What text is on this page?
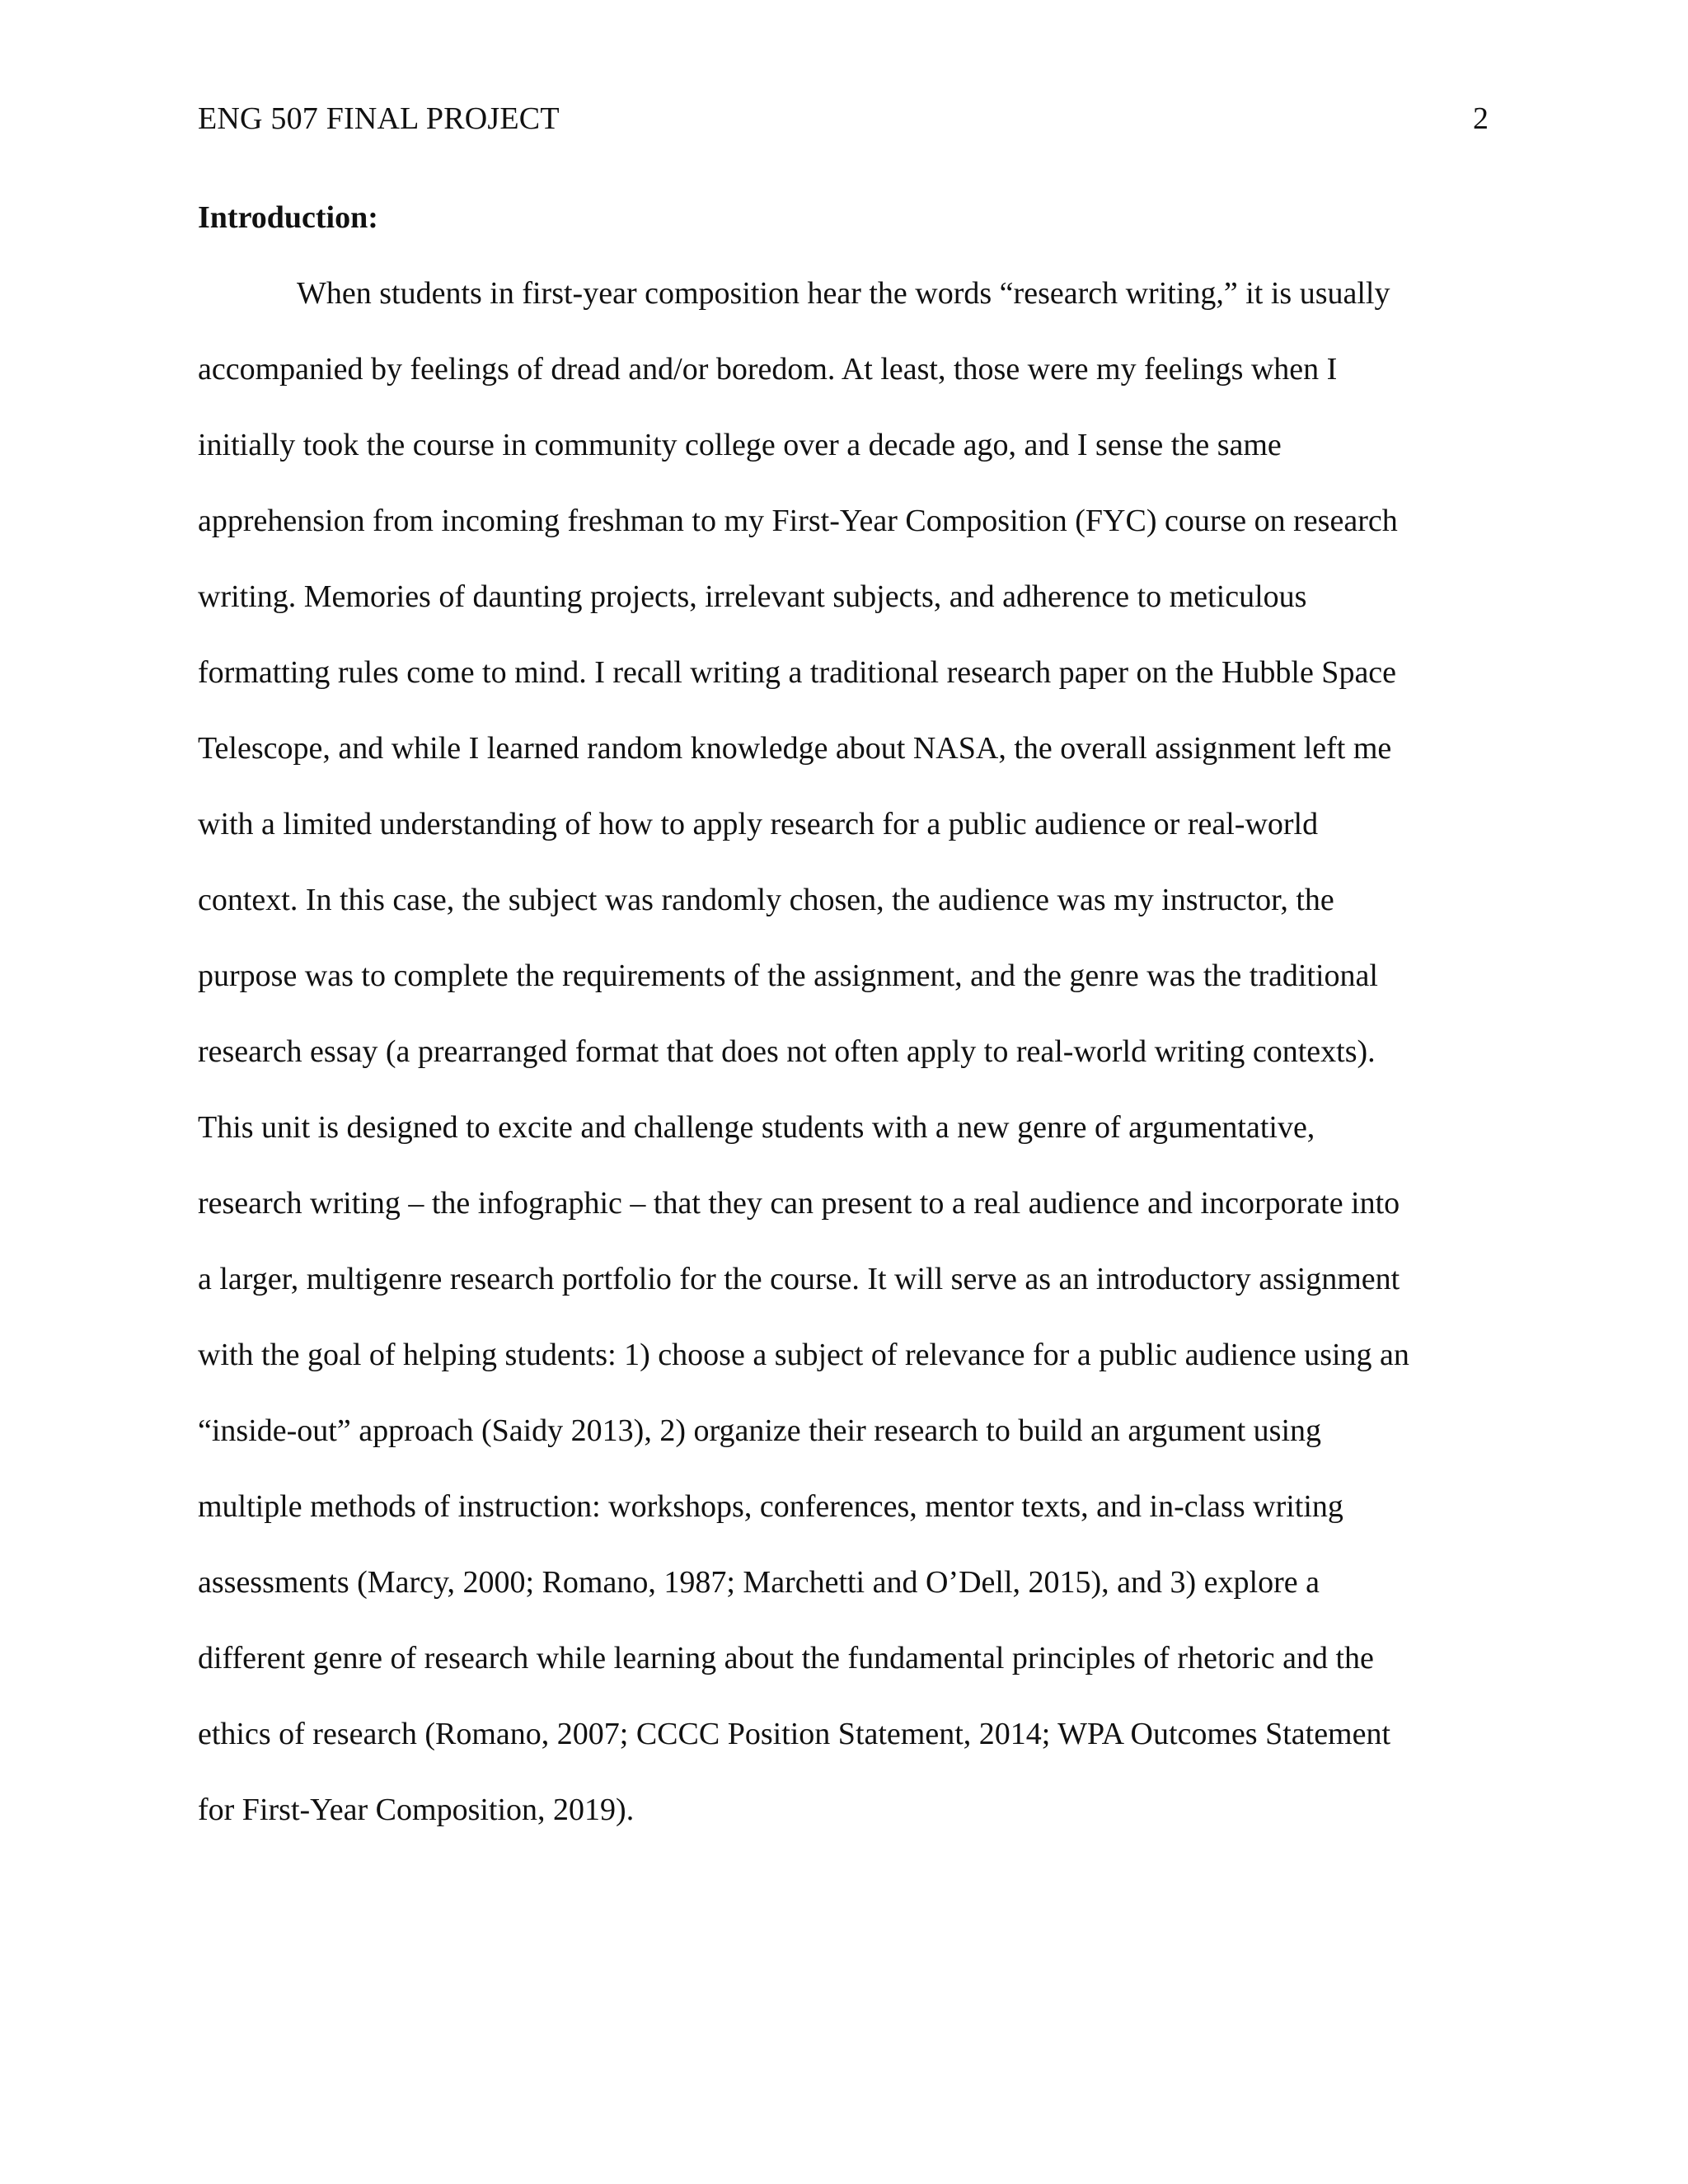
ENG 507 FINAL PROJECT	2
Introduction:
When students in first-year composition hear the words “research writing,” it is usually
accompanied by feelings of dread and/or boredom. At least, those were my feelings when I
initially took the course in community college over a decade ago, and I sense the same
apprehension from incoming freshman to my First-Year Composition (FYC) course on research
writing. Memories of daunting projects, irrelevant subjects, and adherence to meticulous
formatting rules come to mind. I recall writing a traditional research paper on the Hubble Space
Telescope, and while I learned random knowledge about NASA, the overall assignment left me
with a limited understanding of how to apply research for a public audience or real-world
context. In this case, the subject was randomly chosen, the audience was my instructor, the
purpose was to complete the requirements of the assignment, and the genre was the traditional
research essay (a prearranged format that does not often apply to real-world writing contexts).
This unit is designed to excite and challenge students with a new genre of argumentative,
research writing – the infographic – that they can present to a real audience and incorporate into
a larger, multigenre research portfolio for the course. It will serve as an introductory assignment
with the goal of helping students: 1) choose a subject of relevance for a public audience using an
“inside-out” approach (Saidy 2013), 2) organize their research to build an argument using
multiple methods of instruction: workshops, conferences, mentor texts, and in-class writing
assessments (Marcy, 2000; Romano, 1987; Marchetti and O’Dell, 2015), and 3) explore a
different genre of research while learning about the fundamental principles of rhetoric and the
ethics of research (Romano, 2007; CCCC Position Statement, 2014; WPA Outcomes Statement
for First-Year Composition, 2019).
